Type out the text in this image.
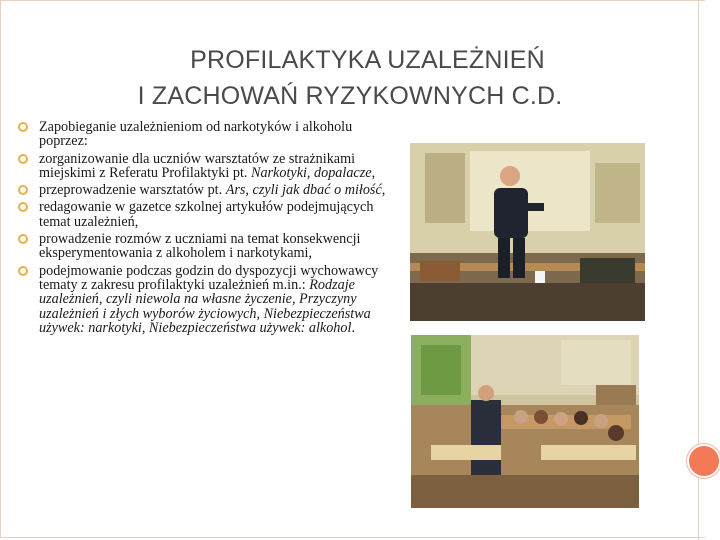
PROFILAKTYKA UZALEŻNIEŃ
I ZACHOWAŃ RYZYKOWNYCH C.D.
Zapobieganie uzależnieniom od narkotyków i alkoholu poprzez:
zorganizowanie dla uczniów warsztatów ze strażnikami miejskimi z Referatu Profilaktyki pt. Narkotyki, dopalacze,
przeprowadzenie warsztatów pt. Ars, czyli jak dbać o miłość,
redagowanie w gazetce szkolnej artykułów podejmujących temat uzależnień,
prowadzenie rozmów z uczniami na temat konsekwencji eksperymentowania z alkoholem i narkotykami,
podejmowanie podczas godzin do dyspozycji wychowawcy tematy z zakresu profilaktyki uzależnień m.in.: Rodzaje uzależnień, czyli niewola na własne życzenie, Przyczyny uzależnień i złych wyborów życiowych, Niebezpieczeństwa używek: narkotyki, Niebezpieczeństwa używek: alkohol.
